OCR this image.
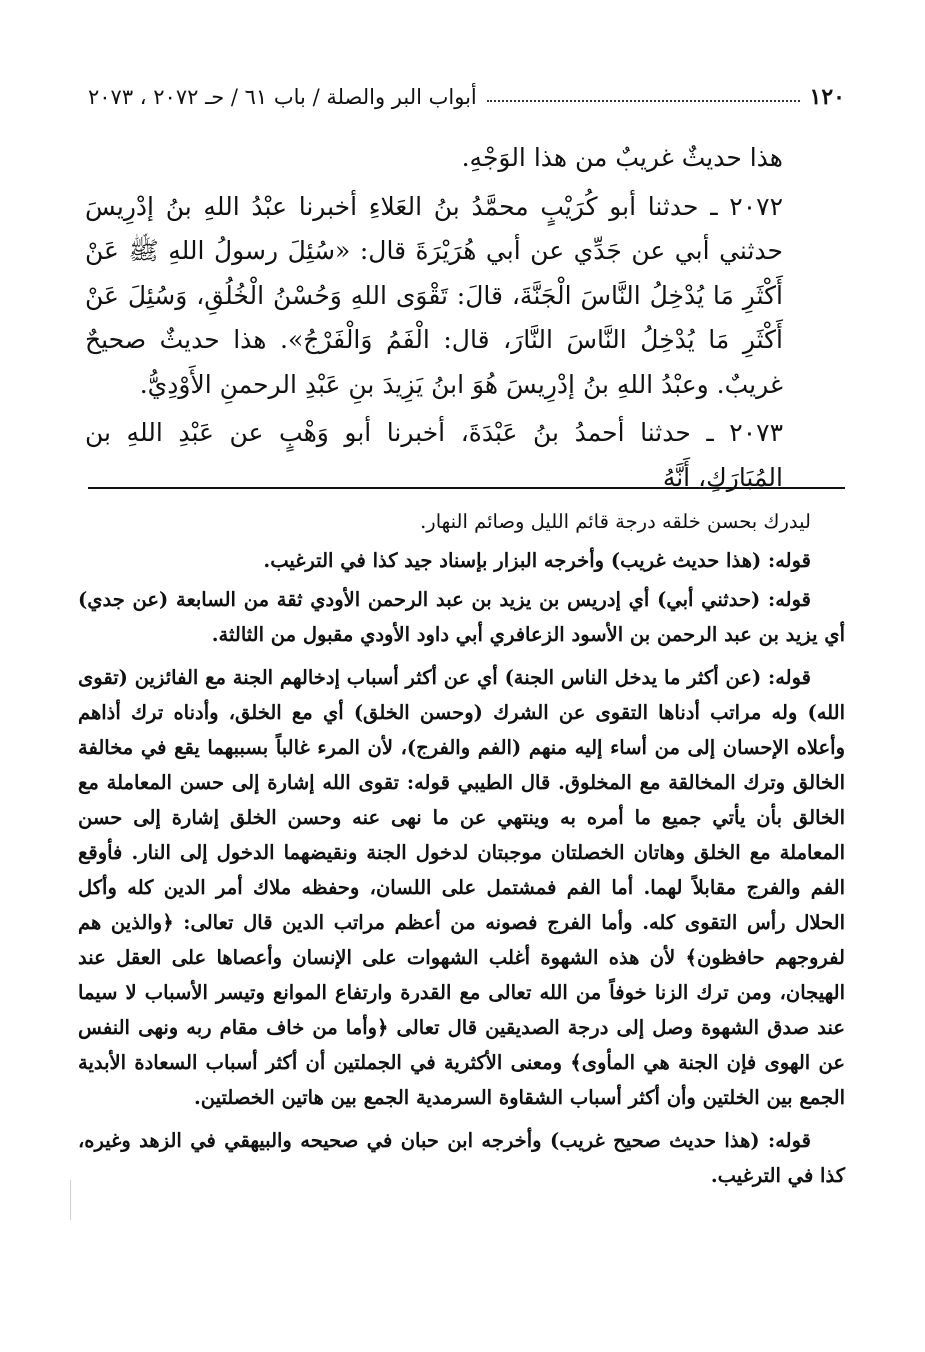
١٢٠
أبواب البر والصلة / باب ٦١ / حـ ٢٠٧٢ ، ٢٠٧٣

هذا حديثٌ غريبٌ من هذا الوَجْهِ.

٢٠٧٢ ـ حدثنا أبو كُرَيْبٍ محمَّدُ بنُ العَلاءِ أخبرنا عبْدُ اللهِ بنُ إدْرِيسَ حدثني أبي عن جَدِّي عن أبي هُرَيْرَةَ قال: «سُئِلَ رسولُ اللهِ ﷺ عَنْ أَكْثَرِ مَا يُدْخِلُ النَّاسَ الْجَنَّةَ، قالَ: تَقْوَى اللهِ وَحُسْنُ الْخُلُقِ، وَسُئِلَ عَنْ أَكْثَرِ مَا يُدْخِلُ النَّاسَ النَّارَ، قال: الْفَمُ وَالْفَرْجُ». هذا حديثٌ صحيحٌ غريبٌ. وعبْدُ اللهِ بنُ إدْرِيسَ هُوَ ابنُ يَزِيدَ بنِ عَبْدِ الرحمنِ الأَوْدِيُّ.

٢٠٧٣ ـ حدثنا أحمدُ بنُ عَبْدَةَ، أخبرنا أبو وَهْبٍ عن عَبْدِ اللهِ بن المُبَارَكِ، أَنَّهُ

ليدرك بحسن خلقه درجة قائم الليل وصائم النهار.

قوله: (هذا حديث غريب) وأخرجه البزار بإسناد جيد كذا في الترغيب.

قوله: (حدثني أبي) أي إدريس بن يزيد بن عبد الرحمن الأودي ثقة من السابعة (عن جدي) أي يزيد بن عبد الرحمن بن الأسود الزعافري أبي داود الأودي مقبول من الثالثة.

قوله: (عن أكثر ما يدخل الناس الجنة) أي عن أكثر أسباب إدخالهم الجنة مع الفائزين (تقوى الله) وله مراتب أدناها التقوى عن الشرك (وحسن الخلق) أي مع الخلق، وأدناه ترك أذاهم وأعلاه الإحسان إلى من أساء إليه منهم (الفم والفرج)، لأن المرء غالباً بسببهما يقع في مخالفة الخالق وترك المخالقة مع المخلوق. قال الطيبي قوله: تقوى الله إشارة إلى حسن المعاملة مع الخالق بأن يأتي جميع ما أمره به وينتهي عن ما نهى عنه وحسن الخلق إشارة إلى حسن المعاملة مع الخلق وهاتان الخصلتان موجبتان لدخول الجنة ونقيضهما الدخول إلى النار. فأوقع الفم والفرج مقابلاً لهما. أما الفم فمشتمل على اللسان، وحفظه ملاك أمر الدين كله وأكل الحلال رأس التقوى كله. وأما الفرج فصونه من أعظم مراتب الدين قال تعالى: ﴿والذين هم لفروجهم حافظون﴾ لأن هذه الشهوة أغلب الشهوات على الإنسان وأعصاها على العقل عند الهيجان، ومن ترك الزنا خوفاً من الله تعالى مع القدرة وارتفاع الموانع وتيسر الأسباب لا سيما عند صدق الشهوة وصل إلى درجة الصديقين قال تعالى ﴿وأما من خاف مقام ربه ونهى النفس عن الهوى فإن الجنة هي المأوى﴾ ومعنى الأكثرية في الجملتين أن أكثر أسباب السعادة الأبدية الجمع بين الخلتين وأن أكثر أسباب الشقاوة السرمدية الجمع بين هاتين الخصلتين.

قوله: (هذا حديث صحيح غريب) وأخرجه ابن حبان في صحيحه والبيهقي في الزهد وغيره، كذا في الترغيب.
